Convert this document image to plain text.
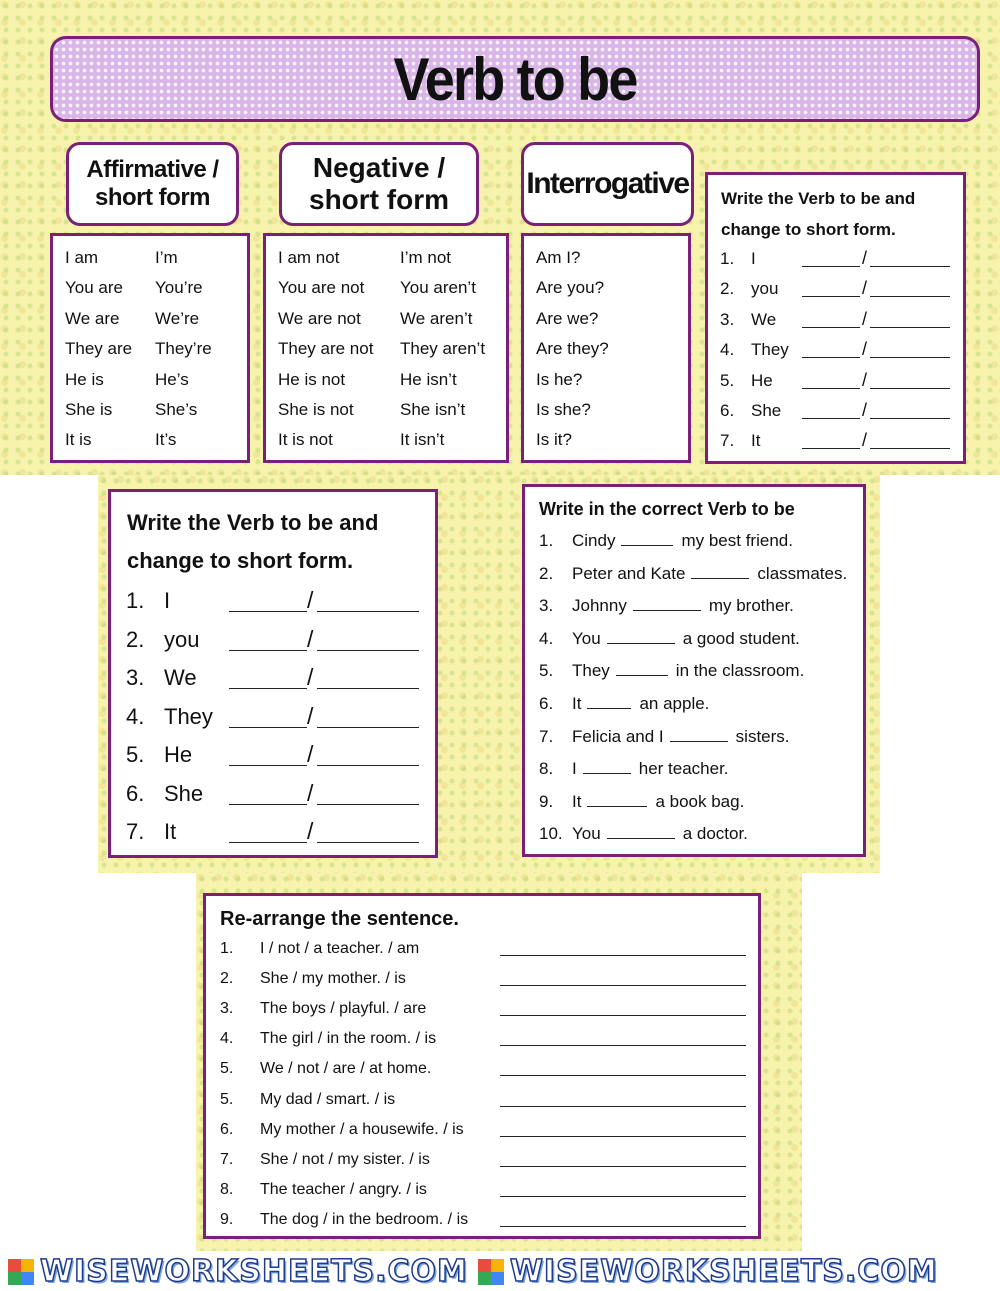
Verb to be
Affirmative / short form
Negative / short form	Interrogative
I am	I’m
You are You’re
We are We’re
They are They’re
He is	He’s
She is	She’s
It is	It’s
I am not	I’m not
You are not You aren’t
We are not We aren’t
They are not They aren’t
He is not	He isn’t
She is not	She isn’t
It is not	It isn’t
Am I?
Are you?
Are we?
Are they?
Is he?
Is she?
Is it?
Write the Verb to be and
change to short form.
1. I	/
2. you	/
3. We	/
4. They	/
5. He	/
6. She	/
7. It	/
Write the Verb to be and
change to short form.
1. I	/
2. you	/
3. We	/
4. They	/
5. He	/
6. She	/
7. It	/
Write in the correct Verb to be
1. Cindy	my best friend.
2. Peter and Kate	classmates.
3. Johnny	my brother.
4. You	a good student.
5. They	in the classroom.
6. It	an apple.
7. Felicia and I	sisters.
8. I	her teacher.
9. It	a book bag.
10. You	a doctor.
Re-arrange the sentence.
1. I / not / a teacher. / am
2. She / my mother. / is
3. The boys / playful. / are
4. The girl / in the room. / is
5. We / not / are / at home.
5. My dad / smart. / is
6. My mother / a housewife. / is
7. She / not / my sister. / is
8. The teacher / angry. / is
9. The dog / in the bedroom. / is
WISEWORKSHEETS.COM WISEWORKSHEETS.COM
